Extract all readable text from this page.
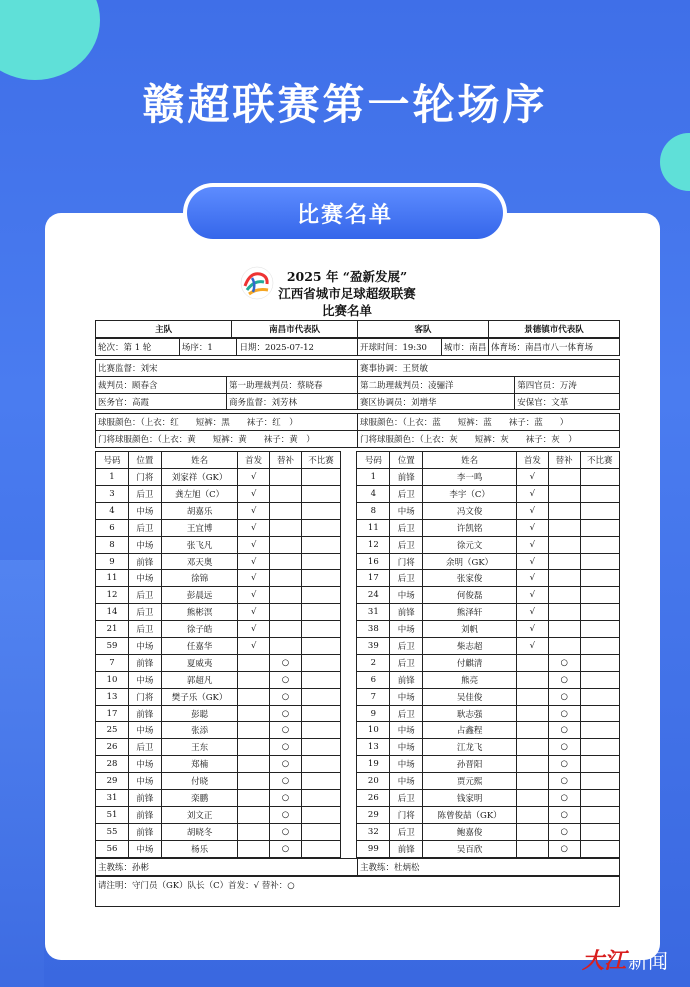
赣超联赛第一轮场序
比赛名单
2025 年 “盈新发展”
江西省城市足球超级联赛
比赛名单
主队	南昌市代表队	客队	景德镇市代表队
轮次：第 1 轮	场序：1	日期：2025-07-12	开球时间：19:30	城市：南昌	体育场：南昌市八一体育场
比赛监督：刘宋		赛事协调：王贤敏	
裁判员：顾春含	第一助理裁判员：蔡晓春	第二助理裁判员：凌骊洋	第四官员：万涛
医务官：高霞	商务监督：刘芳林	赛区协调员：刘增华	安保官：文革
球服颜色：（上衣：红　　短裤：黑　　袜子：红　）	球服颜色：（上衣：蓝　　短裤：蓝　　袜子：蓝　　）
门将球服颜色：（上衣：黄　　短裤：黄　　袜子：黄　）	门将球服颜色：（上衣：灰　　短裤：灰　　袜子：灰　）
号码	位置	姓名	首发	替补	不比赛		号码	位置	姓名	首发	替补	不比赛
1	门将	刘家祥（GK）	√				1	前锋	李一鸣	√		
3	后卫	龚左旭（C）	√				4	后卫	李宇（C）	√		
4	中场	胡嘉乐	√				8	中场	冯文俊	√		
6	后卫	王宜博	√				11	后卫	许凯铭	√		
8	中场	张飞凡	√				12	后卫	徐元文	√		
9	前锋	邓天奥	√				16	门将	余明（GK）	√		
11	中场	徐锦	√				17	后卫	张家俊	√		
12	后卫	彭晨远	√				24	中场	何俊磊	√		
14	后卫	熊彬溟	√				31	前锋	熊泽轩	√		
21	后卫	徐子皓	√				38	中场	刘帆	√		
59	中场	任嘉华	√				39	后卫	柴志超	√		
7	前锋	夏威夷		○			2	后卫	付麒清		○	
10	中场	郭超凡		○			6	前锋	熊亮		○	
13	门将	樊子乐（GK）		○			7	中场	吴佳俊		○	
17	前锋	彭聪		○			9	后卫	耿志强		○	
25	中场	张添		○			10	中场	占鑫程		○	
26	后卫	王东		○			13	中场	江龙飞		○	
28	中场	郑楠		○			19	中场	孙晋阳		○	
29	中场	付晓		○			20	中场	贾元熙		○	
31	前锋	栾鹏		○			26	后卫	钱家明		○	
51	前锋	刘文正		○			29	门将	陈曾俊喆（GK）		○	
55	前锋	胡晓冬		○			32	后卫	鲍嘉俊		○	
56	中场	杨乐		○			99	前锋	吴百欣		○	
主教练：孙彬	主教练：杜炳松
请注明：守门员（GK）队长（C）首发：√ 替补：○
大江 新闻
